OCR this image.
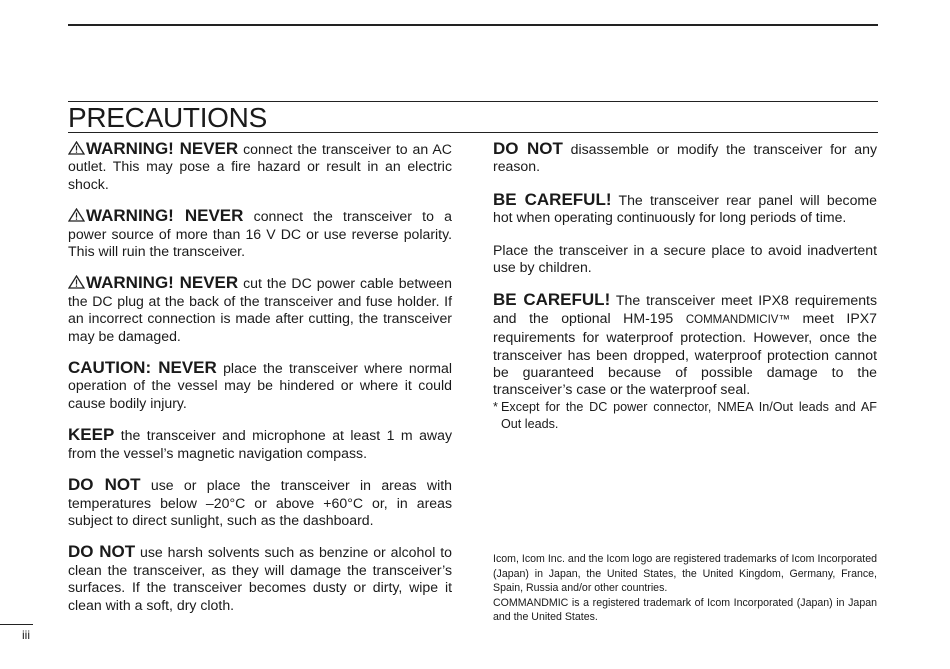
PRECAUTIONS

WARNING! NEVER connect the transceiver to an AC outlet. This may pose a fire hazard or result in an electric shock.

WARNING! NEVER connect the transceiver to a power source of more than 16 V DC or use reverse polarity. This will ruin the transceiver.

WARNING! NEVER cut the DC power cable between the DC plug at the back of the transceiver and fuse holder. If an incorrect connection is made after cutting, the transceiver may be damaged.

CAUTION: NEVER place the transceiver where normal operation of the vessel may be hindered or where it could cause bodily injury.

KEEP the transceiver and microphone at least 1 m away from the vessel’s magnetic navigation compass.

DO NOT use or place the transceiver in areas with temperatures below –20°C or above +60°C or, in areas subject to direct sunlight, such as the dashboard.

DO NOT use harsh solvents such as benzine or alcohol to clean the transceiver, as they will damage the transceiver’s surfaces. If the transceiver becomes dusty or dirty, wipe it clean with a soft, dry cloth.

DO NOT disassemble or modify the transceiver for any reason.

BE CAREFUL! The transceiver rear panel will become hot when operating continuously for long periods of time.

Place the transceiver in a secure place to avoid inadvertent use by children.

BE CAREFUL! The transceiver meet IPX8 requirements and the optional HM-195 COMMANDMICIV™ meet IPX7 requirements for waterproof protection. However, once the transceiver has been dropped, waterproof protection cannot be guaranteed because of possible damage to the transceiver’s case or the waterproof seal.

* Except for the DC power connector, NMEA In/Out leads and AF Out leads.

Icom, Icom Inc. and the Icom logo are registered trademarks of Icom Incorporated (Japan) in Japan, the United States, the United Kingdom, Germany, France, Spain, Russia and/or other countries.

COMMANDMIC is a registered trademark of Icom Incorporated (Japan) in Japan and the United States.

iii
